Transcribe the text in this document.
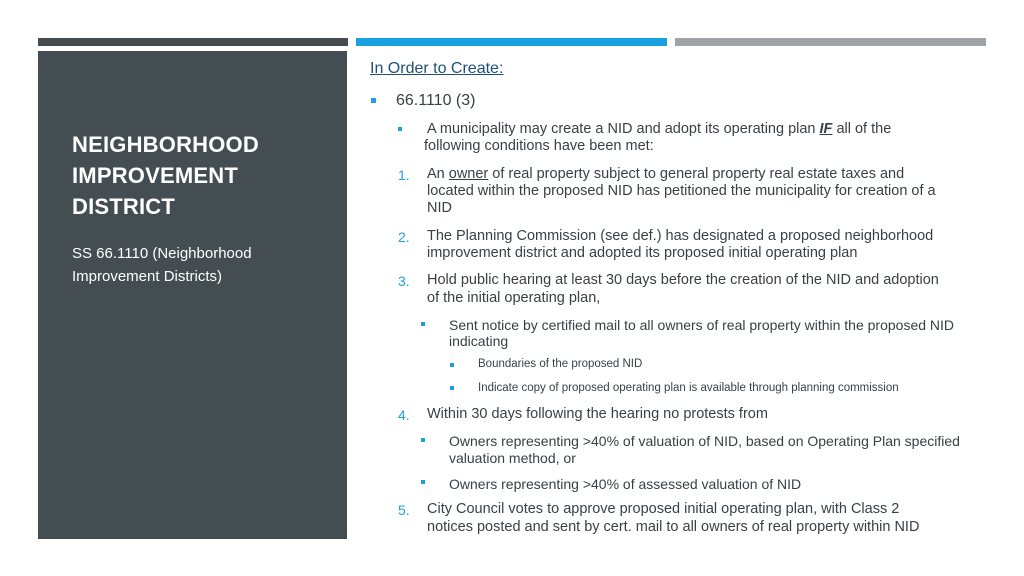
NEIGHBORHOOD IMPROVEMENT DISTRICT
SS 66.1110 (Neighborhood Improvement Districts)
In Order to Create:
66.1110 (3)
A municipality may create a NID and adopt its operating plan IF all of the
following conditions have been met:
1. An owner of real property subject to general property real estate taxes and
located within the proposed NID has petitioned the municipality for creation of a
NID
2. The Planning Commission (see def.) has designated a proposed neighborhood
improvement district and adopted its proposed initial operating plan
3. Hold public hearing at least 30 days before the creation of the NID and adoption
of the initial operating plan,
Sent notice by certified mail to all owners of real property within the proposed NID
indicating
Boundaries of the proposed NID
Indicate copy of proposed operating plan is available through planning commission
4. Within 30 days following the hearing no protests from
Owners representing >40% of valuation of NID, based on Operating Plan specified
valuation method, or
Owners representing >40% of assessed valuation of NID
5. City Council votes to approve proposed initial operating plan, with Class 2
notices posted and sent by cert. mail to all owners of real property within NID
